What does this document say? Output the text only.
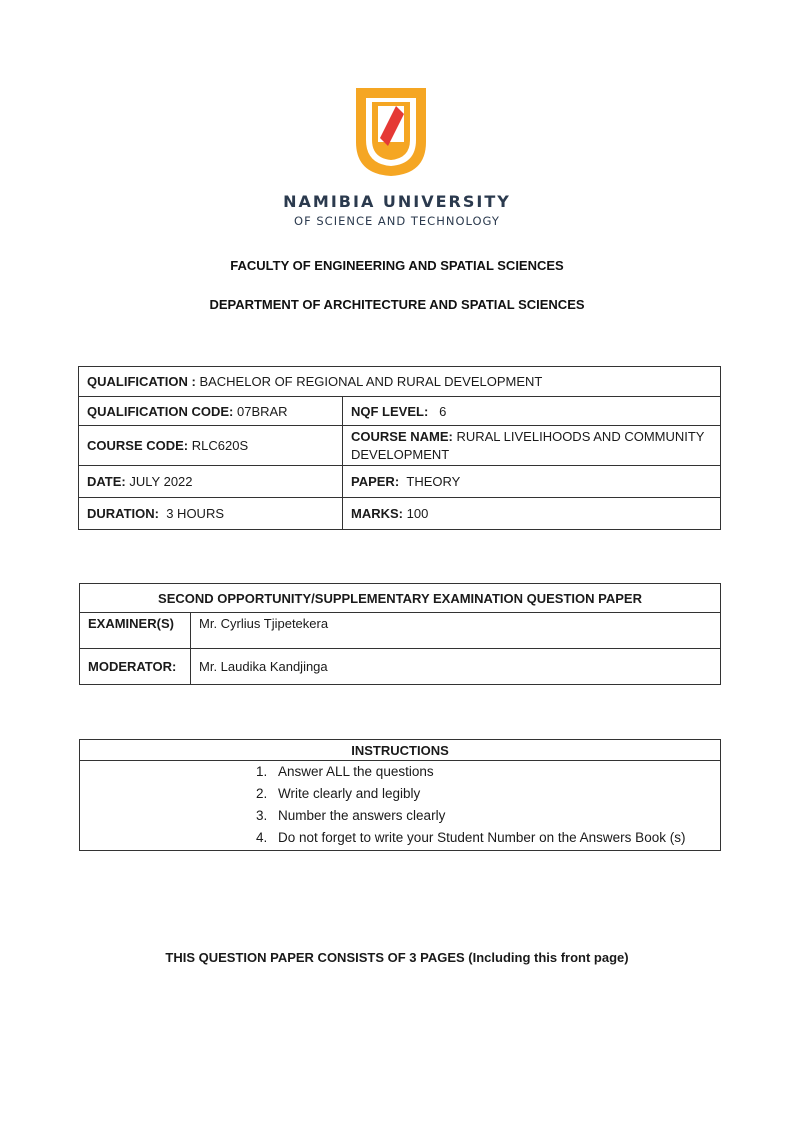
NAMIBIA UNIVERSITY
OF SCIENCE AND TECHNOLOGY
FACULTY OF ENGINEERING AND SPATIAL SCIENCES
DEPARTMENT OF ARCHITECTURE AND SPATIAL SCIENCES
QUALIFICATION : BACHELOR OF REGIONAL AND RURAL DEVELOPMENT	
QUALIFICATION CODE: 07BRAR	NQF LEVEL: 6
COURSE CODE: RLC620S	COURSE NAME: RURAL LIVELIHOODS AND COMMUNITY DEVELOPMENT
DATE: JULY 2022	PAPER: THEORY
DURATION: 3 HOURS	MARKS: 100
SECOND OPPORTUNITY/SUPPLEMENTARY EXAMINATION QUESTION PAPER	
EXAMINER(S)	Mr. Cyrlius Tjipetekera
MODERATOR:	Mr. Laudika Kandjinga
INSTRUCTIONS

1. Answer ALL the questions
2. Write clearly and legibly
3. Number the answers clearly
4. Do not forget to write your Student Number on the Answers Book (s)
THIS QUESTION PAPER CONSISTS OF 3 PAGES (Including this front page)
